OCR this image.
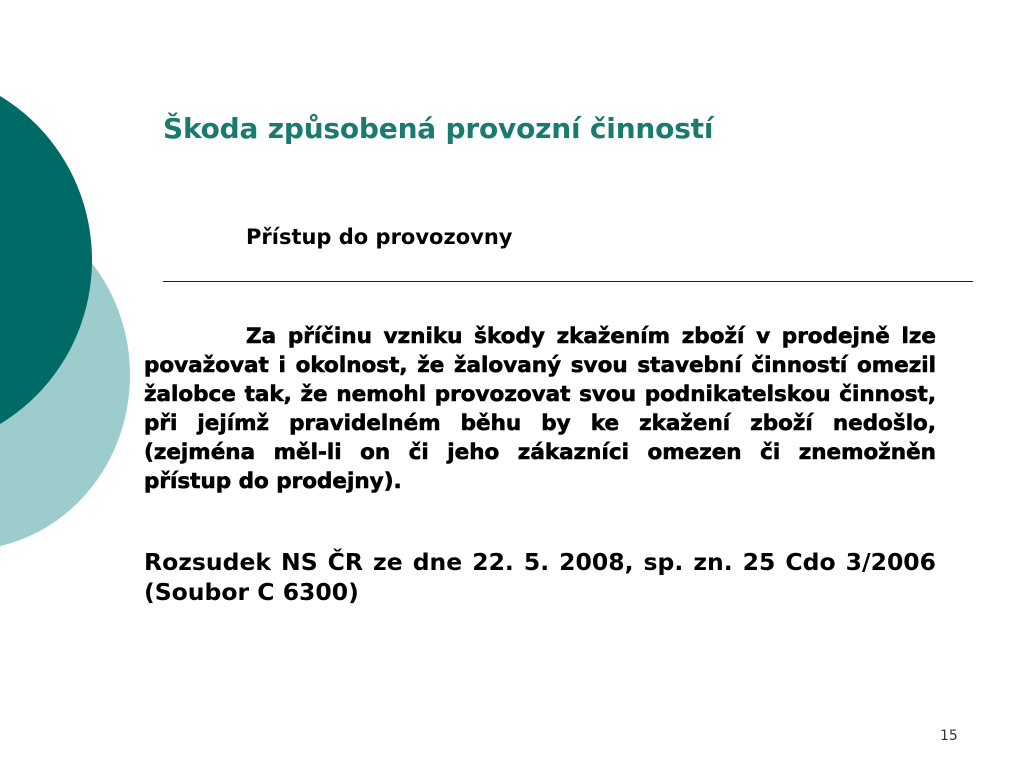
Škoda způsobená provozní činností
Přístup do provozovny

Za příčinu vzniku škody zkažením zboží v prodejně lze považovat i okolnost, že žalovaný svou stavební činností omezil žalobce tak, že nemohl provozovat svou podnikatelskou činnost, při jejímž pravidelném běhu by ke zkažení zboží nedošlo, (zejména měl-li on či jeho zákazníci omezen či znemožněn přístup do prodejny).

Rozsudek NS ČR ze dne 22. 5. 2008, sp. zn. 25 Cdo 3/2006 (Soubor C 6300)

15
